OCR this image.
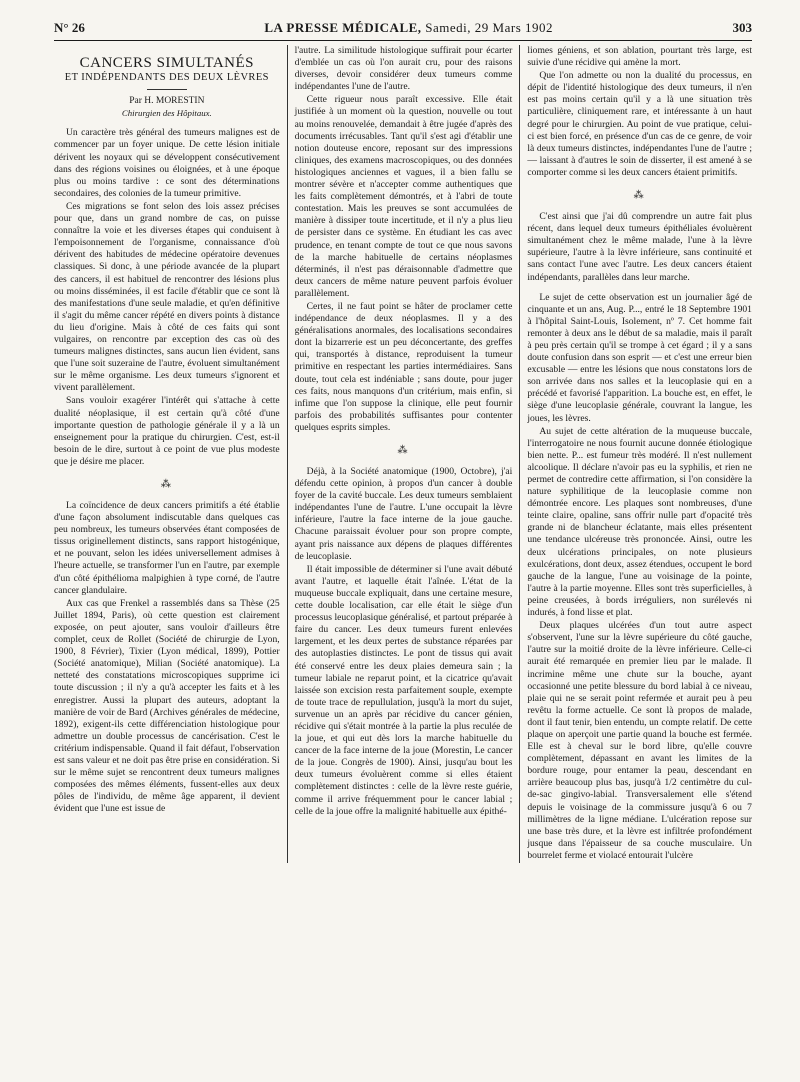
N° 26	LA PRESSE MÉDICALE, Samedi, 29 Mars 1902	303
CANCERS SIMULTANÉS
ET INDÉPENDANTS DES DEUX LÈVRES
Par H. MORESTIN
Chirurgien des Hôpitaux.

Un caractère très général des tumeurs malignes est de commencer par un foyer unique. De cette lésion initiale dérivent les noyaux qui se développent consécutivement dans des régions voisines ou éloignées, et à une époque plus ou moins tardive : ce sont des déterminations secondaires, des colonies de la tumeur primitive.

Ces migrations se font selon des lois assez précises pour que, dans un grand nombre de cas, on puisse connaître la voie et les diverses étapes qui conduisent à l'empoisonnement de l'organisme, connaissance d'où dérivent des habitudes de médecine opératoire devenues classiques. Si donc, à une période avancée de la plupart des cancers, il est habituel de rencontrer des lésions plus ou moins disséminées, il est facile d'établir que ce sont là des manifestations d'une seule maladie, et qu'en définitive il s'agit du même cancer répété en divers points à distance du lieu d'origine. Mais à côté de ces faits qui sont vulgaires, on rencontre par exception des cas où des tumeurs malignes distinctes, sans aucun lien évident, sans que l'une soit suzeraine de l'autre, évoluent simultanément sur le même organisme. Les deux tumeurs s'ignorent et vivent parallèlement.

Sans vouloir exagérer l'intérêt qui s'attache à cette dualité néoplasique, il est certain qu'à côté d'une importante question de pathologie générale il y a là un enseignement pour la pratique du chirurgien. C'est, est-il besoin de le dire, surtout à ce point de vue plus modeste que je désire me placer.

⁂

La coïncidence de deux cancers primitifs a été établie d'une façon absolument indiscutable dans quelques cas peu nombreux, les tumeurs observées étant composées de tissus originellement distincts, sans rapport histogénique, et ne pouvant, selon les idées universellement admises à l'heure actuelle, se transformer l'un en l'autre, par exemple d'un côté épithélioma malpighien à type corné, de l'autre cancer glandulaire.

Aux cas que Frenkel a rassemblés dans sa Thèse (25 Juillet 1894, Paris), où cette question est clairement exposée, on peut ajouter, sans vouloir d'ailleurs être complet, ceux de Rollet (Société de chirurgie de Lyon, 1900, 8 Février), Tixier (Lyon médical, 1899), Pottier (Société anatomique), Milian (Société anatomique). La netteté des constatations microscopiques supprime ici toute discussion ; il n'y a qu'à accepter les faits et à les enregistrer. Aussi la plupart des auteurs, adoptant la manière de voir de Bard (Archives générales de médecine, 1892), exigent-ils cette différenciation histologique pour admettre un double processus de cancérisation. C'est le critérium indispensable. Quand il fait défaut, l'observation est sans valeur et ne doit pas être prise en considération. Si sur le même sujet se rencontrent deux tumeurs malignes composées des mêmes éléments, fussent-elles aux deux pôles de l'individu, de même âge apparent, il devient évident que l'une est issue de

l'autre. La similitude histologique suffirait pour écarter d'emblée un cas où l'on aurait cru, pour des raisons diverses, devoir considérer deux tumeurs comme indépendantes l'une de l'autre.

Cette rigueur nous paraît excessive. Elle était justifiée à un moment où la question, nouvelle ou tout au moins renouvelée, demandait à être jugée d'après des documents irrécusables. Tant qu'il s'est agi d'établir une notion douteuse encore, reposant sur des impressions cliniques, des examens macroscopiques, ou des données histologiques anciennes et vagues, il a bien fallu se montrer sévère et n'accepter comme authentiques que les faits complètement démontrés, et à l'abri de toute contestation. Mais les preuves se sont accumulées de manière à dissiper toute incertitude, et il n'y a plus lieu de persister dans ce système. En étudiant les cas avec prudence, en tenant compte de tout ce que nous savons de la marche habituelle de certains néoplasmes déterminés, il n'est pas déraisonnable d'admettre que deux cancers de même nature peuvent parfois évoluer parallèlement.

Certes, il ne faut point se hâter de proclamer cette indépendance de deux néoplasmes. Il y a des généralisations anormales, des localisations secondaires dont la bizarrerie est un peu déconcertante, des greffes qui, transportés à distance, reproduisent la tumeur primitive en respectant les parties intermédiaires. Sans doute, tout cela est indéniable ; sans doute, pour juger ces faits, nous manquons d'un critérium, mais enfin, si infime que l'on suppose la clinique, elle peut fournir parfois des probabilités suffisantes pour contenter quelques esprits simples.

⁂

Déjà, à la Société anatomique (1900, Octobre), j'ai défendu cette opinion, à propos d'un cancer à double foyer de la cavité buccale. Les deux tumeurs semblaient indépendantes l'une de l'autre. L'une occupait la lèvre inférieure, l'autre la face interne de la joue gauche. Chacune paraissait évoluer pour son propre compte, ayant pris naissance aux dépens de plaques différentes de leucoplasie.

Il était impossible de déterminer si l'une avait débuté avant l'autre, et laquelle était l'aînée. L'état de la muqueuse buccale expliquait, dans une certaine mesure, cette double localisation, car elle était le siège d'un processus leucoplasique généralisé, et partout préparée à faire du cancer. Les deux tumeurs furent enlevées largement, et les deux pertes de substance réparées par des autoplasties distinctes. Le pont de tissus qui avait été conservé entre les deux plaies demeura sain ; la tumeur labiale ne reparut point, et la cicatrice qu'avait laissée son excision resta parfaitement souple, exempte de toute trace de repullulation, jusqu'à la mort du sujet, survenue un an après par récidive du cancer génien, récidive qui s'était montrée à la partie la plus reculée de la joue, et qui eut dès lors la marche habituelle du cancer de la face interne de la joue (Morestin, Le cancer de la joue. Congrès de 1900). Ainsi, jusqu'au bout les deux tumeurs évoluèrent comme si elles étaient complètement distinctes : celle de la lèvre reste guérie, comme il arrive fréquemment pour le cancer labial ; celle de la joue offre la malignité habituelle aux épithé-

liomes géniens, et son ablation, pourtant très large, est suivie d'une récidive qui amène la mort.

Que l'on admette ou non la dualité du processus, en dépit de l'identité histologique des deux tumeurs, il n'en est pas moins certain qu'il y a là une situation très particulière, cliniquement rare, et intéressante à un haut degré pour le chirurgien. Au point de vue pratique, celui-ci est bien forcé, en présence d'un cas de ce genre, de voir là deux tumeurs distinctes, indépendantes l'une de l'autre ; — laissant à d'autres le soin de disserter, il est amené à se comporter comme si les deux cancers étaient primitifs.

⁂

C'est ainsi que j'ai dû comprendre un autre fait plus récent, dans lequel deux tumeurs épithéliales évoluèrent simultanément chez le même malade, l'une à la lèvre supérieure, l'autre à la lèvre inférieure, sans continuité et sans contact l'une avec l'autre. Les deux cancers étaient indépendants, parallèles dans leur marche.

Le sujet de cette observation est un journalier âgé de cinquante et un ans, Aug. P..., entré le 18 Septembre 1901 à l'hôpital Saint-Louis, Isolement, nº 7. Cet homme fait remonter à deux ans le début de sa maladie, mais il paraît à peu près certain qu'il se trompe à cet égard ; il y a sans doute confusion dans son esprit — et c'est une erreur bien excusable — entre les lésions que nous constatons lors de son arrivée dans nos salles et la leucoplasie qui en a précédé et favorisé l'apparition. La bouche est, en effet, le siège d'une leucoplasie générale, couvrant la langue, les joues, les lèvres.

Au sujet de cette altération de la muqueuse buccale, l'interrogatoire ne nous fournit aucune donnée étiologique bien nette. P... est fumeur très modéré. Il n'est nullement alcoolique. Il déclare n'avoir pas eu la syphilis, et rien ne permet de contredire cette affirmation, si l'on considère la nature syphilitique de la leucoplasie comme non démontrée encore. Les plaques sont nombreuses, d'une teinte claire, opaline, sans offrir nulle part d'opacité très grande ni de blancheur éclatante, mais elles présentent une tendance ulcéreuse très prononcée. Ainsi, outre les deux ulcérations principales, on note plusieurs exulcérations, dont deux, assez étendues, occupent le bord gauche de la langue, l'une au voisinage de la pointe, l'autre à la partie moyenne. Elles sont très superficielles, à peine creusées, à bords irréguliers, non surélevés ni indurés, à fond lisse et plat.

Deux plaques ulcérées d'un tout autre aspect s'observent, l'une sur la lèvre supérieure du côté gauche, l'autre sur la moitié droite de la lèvre inférieure. Celle-ci aurait été remarquée en premier lieu par le malade. Il incrimine même une chute sur la bouche, ayant occasionné une petite blessure du bord labial à ce niveau, plaie qui ne se serait point refermée et aurait peu à peu revêtu la forme actuelle. Ce sont là propos de malade, dont il faut tenir, bien entendu, un compte relatif. De cette plaque on aperçoit une partie quand la bouche est fermée. Elle est à cheval sur le bord libre, qu'elle couvre complètement, dépassant en avant les limites de la bordure rouge, pour entamer la peau, descendant en arrière beaucoup plus bas, jusqu'à 1/2 centimètre du cul-de-sac gingivo-labial. Transversalement elle s'étend depuis le voisinage de la commissure jusqu'à 6 ou 7 millimètres de la ligne médiane. L'ulcération repose sur une base très dure, et la lèvre est infiltrée profondément jusque dans l'épaisseur de sa couche musculaire. Un bourrelet ferme et violacé entourait l'ulcère
